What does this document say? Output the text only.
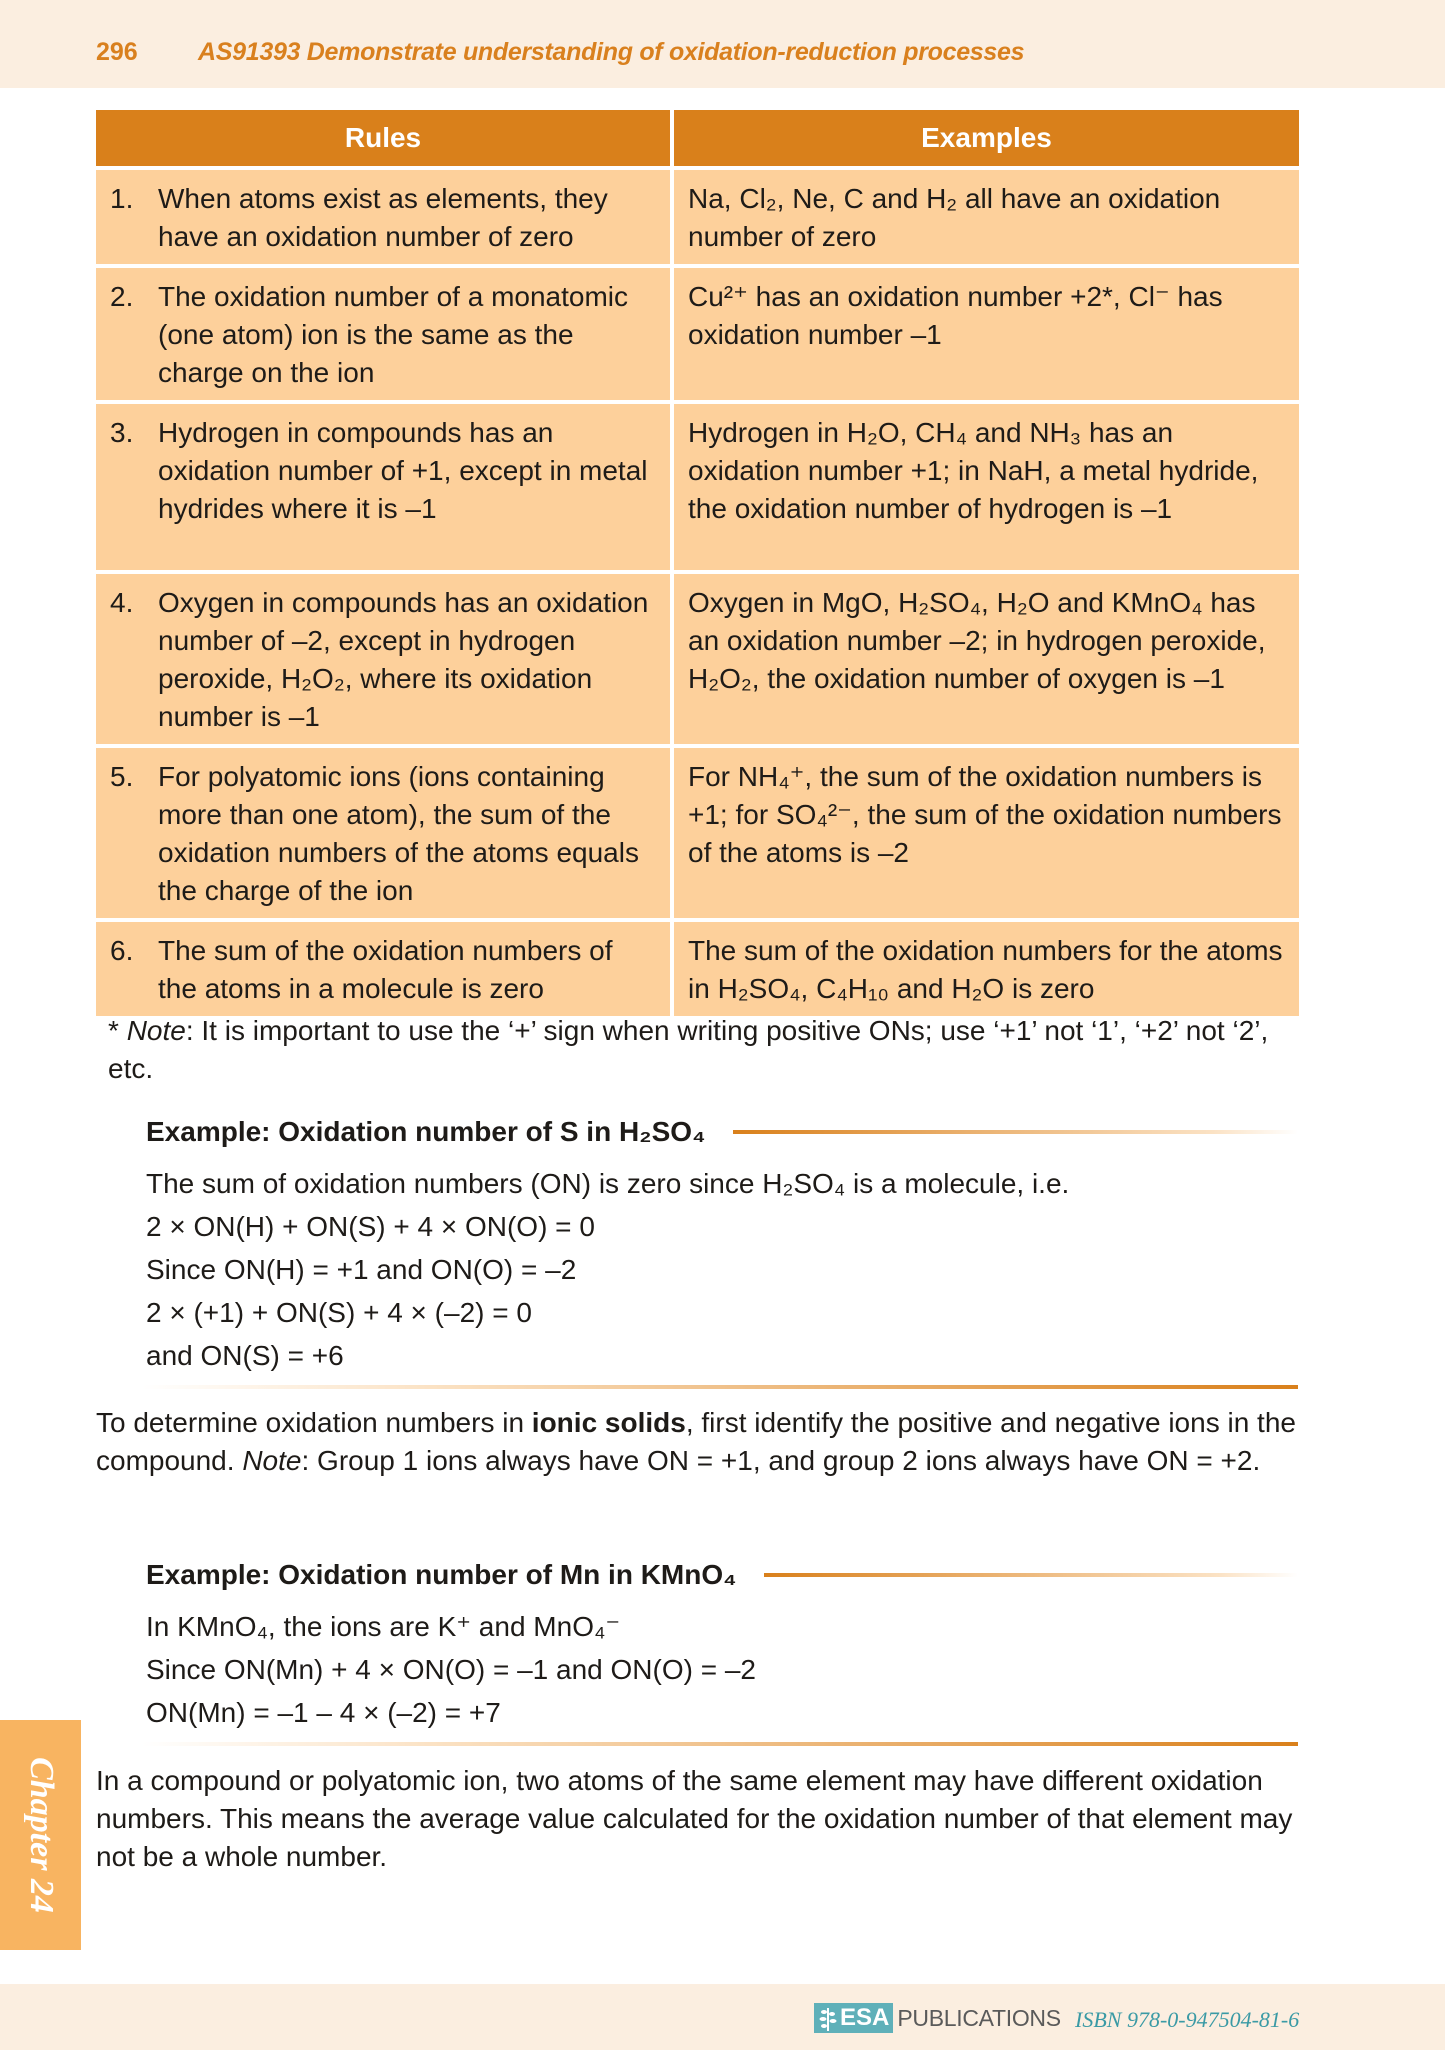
296 AS91393 Demonstrate understanding of oxidation-reduction processes
Rules	Examples

1. When atoms exist as elements, they have an oxidation number of zero	Na, Cl₂, Ne, C and H₂ all have an oxidation number of zero

2. The oxidation number of a monatomic (one atom) ion is the same as the charge on the ion	Cu²⁺ has an oxidation number +2*, Cl⁻ has oxidation number –1

3. Hydrogen in compounds has an oxidation number of +1, except in metal hydrides where it is –1	Hydrogen in H₂O, CH₄ and NH₃ has an oxidation number +1; in NaH, a metal hydride, the oxidation number of hydrogen is –1

4. Oxygen in compounds has an oxidation number of –2, except in hydrogen peroxide, H₂O₂, where its oxidation number is –1	Oxygen in MgO, H₂SO₄, H₂O and KMnO₄ has an oxidation number –2; in hydrogen peroxide, H₂O₂, the oxidation number of oxygen is –1

5. For polyatomic ions (ions containing more than one atom), the sum of the oxidation numbers of the atoms equals the charge of the ion	For NH₄⁺, the sum of the oxidation numbers is +1; for SO₄²⁻, the sum of the oxidation numbers of the atoms is –2

6. The sum of the oxidation numbers of the atoms in a molecule is zero	The sum of the oxidation numbers for the atoms in H₂SO₄, C₄H₁₀ and H₂O is zero
* Note: It is important to use the ‘+’ sign when writing positive ONs; use ‘+1’ not ‘1’, ‘+2’ not ‘2’, etc.
Example: Oxidation number of S in H₂SO₄
The sum of oxidation numbers (ON) is zero since H₂SO₄ is a molecule, i.e.
2 × ON(H) + ON(S) + 4 × ON(O) = 0
Since ON(H) = +1 and ON(O) = –2
2 × (+1) + ON(S) + 4 × (–2) = 0
and ON(S) = +6
To determine oxidation numbers in ionic solids, first identify the positive and negative ions in the compound. Note: Group 1 ions always have ON = +1, and group 2 ions always have ON = +2.
Example: Oxidation number of Mn in KMnO₄
In KMnO₄, the ions are K⁺ and MnO₄⁻
Since ON(Mn) + 4 × ON(O) = –1 and ON(O) = –2
ON(Mn) = –1 – 4 × (–2) = +7
In a compound or polyatomic ion, two atoms of the same element may have different oxidation numbers. This means the average value calculated for the oxidation number of that element may not be a whole number.
Chapter 24
ESA PUBLICATIONS ISBN 978-0-947504-81-6
